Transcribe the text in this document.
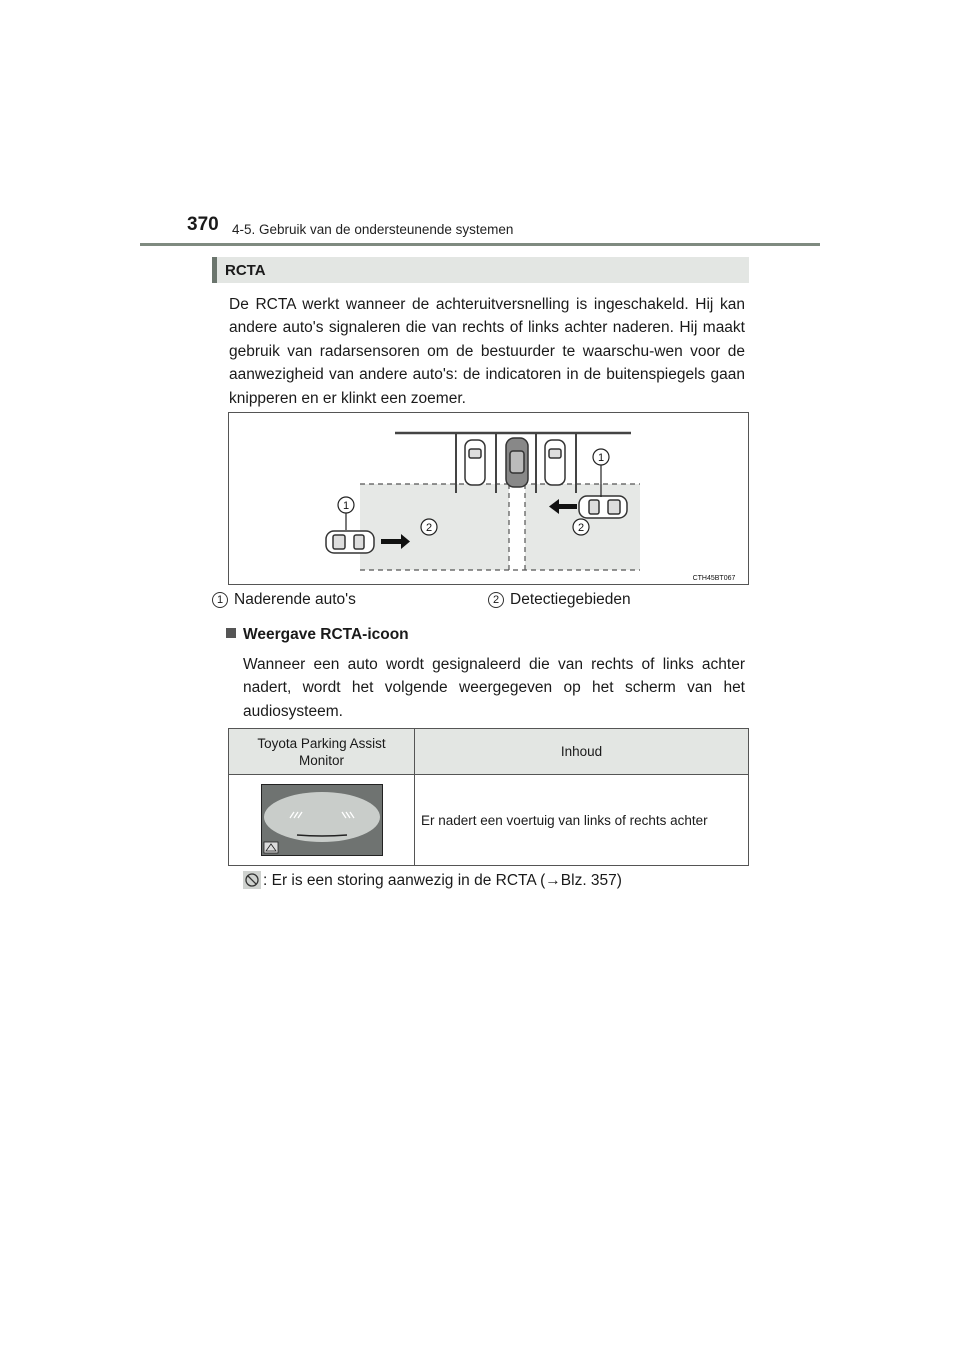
370 4-5. Gebruik van de ondersteunende systemen
RCTA
De RCTA werkt wanneer de achteruitversnelling is ingeschakeld. Hij kan andere auto's signaleren die van rechts of links achter naderen. Hij maakt gebruik van radarsensoren om de bestuurder te waarschu-wen voor de aanwezigheid van andere auto's: de indicatoren in de buitenspiegels gaan knipperen en er klinkt een zoemer.
1
1
2	2
CTH45BT067
1 Naderende auto's	2 Detectiegebieden
Weergave RCTA-icoon
Wanneer een auto wordt gesignaleerd die van rechts of links achter nadert, wordt het volgende weergegeven op het scherm van het audiosysteem.
Toyota Parking Assist Monitor	Inhoud

	Er nadert een voertuig van links of rechts achter
: Er is een storing aanwezig in de RCTA (→Blz. 357)
